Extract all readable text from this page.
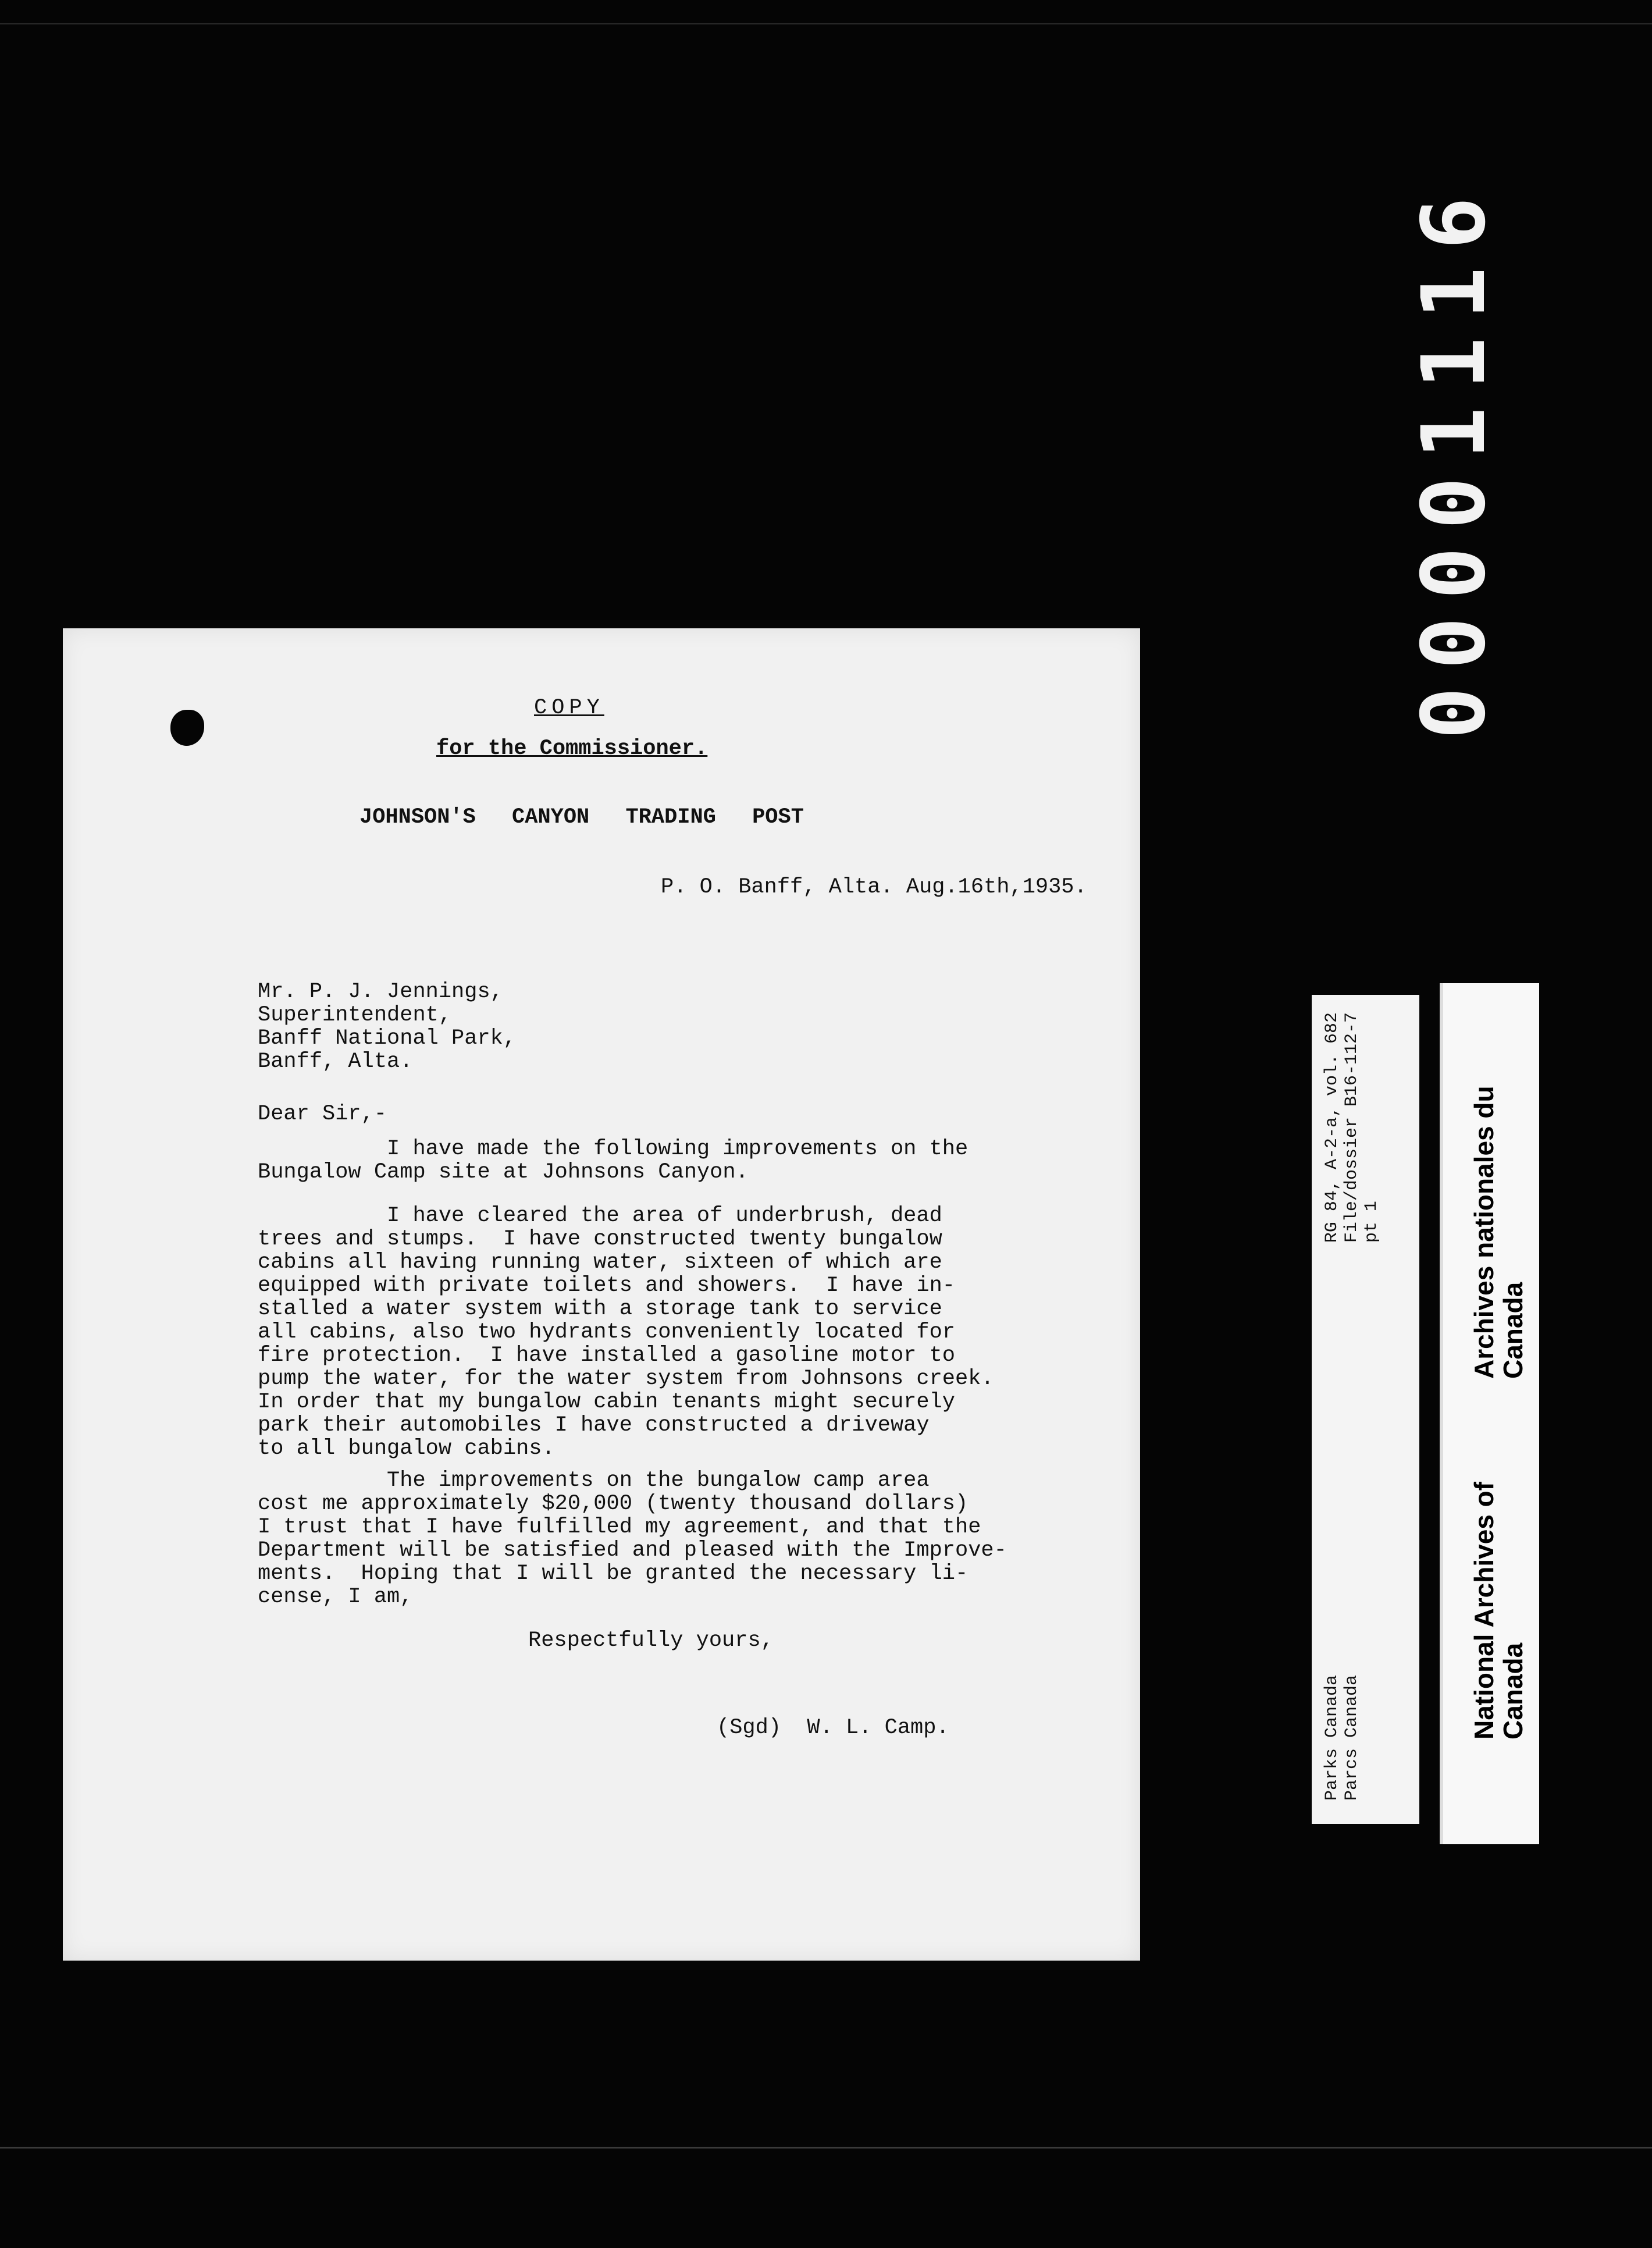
00001116
COPY
for the Commissioner.
JOHNSON'S CANYON TRADING POST
P. O. Banff, Alta. Aug.16th,1935.
Mr. P. J. Jennings,
Superintendent,
Banff National Park,
Banff, Alta.
Dear Sir,-
I have made the following improvements on the
Bungalow Camp site at Johnsons Canyon.
I have cleared the area of underbrush, dead
trees and stumps.  I have constructed twenty bungalow
cabins all having running water, sixteen of which are
equipped with private toilets and showers.  I have in-
stalled a water system with a storage tank to service
all cabins, also two hydrants conveniently located for
fire protection.  I have installed a gasoline motor to
pump the water, for the water system from Johnsons creek.
In order that my bungalow cabin tenants might securely
park their automobiles I have constructed a driveway
to all bungalow cabins.
The improvements on the bungalow camp area
cost me approximately $20,000 (twenty thousand dollars)
I trust that I have fulfilled my agreement, and that the
Department will be satisfied and pleased with the Improve-
ments.  Hoping that I will be granted the necessary li-
cense, I am,
Respectfully yours,
(Sgd)  W. L. Camp.
RG 84, A-2-a, vol. 682
File/dossier B16-112-7
pt 1
Parks Canada
Parcs Canada	National Archives of Canada
Archives nationales du Canada
